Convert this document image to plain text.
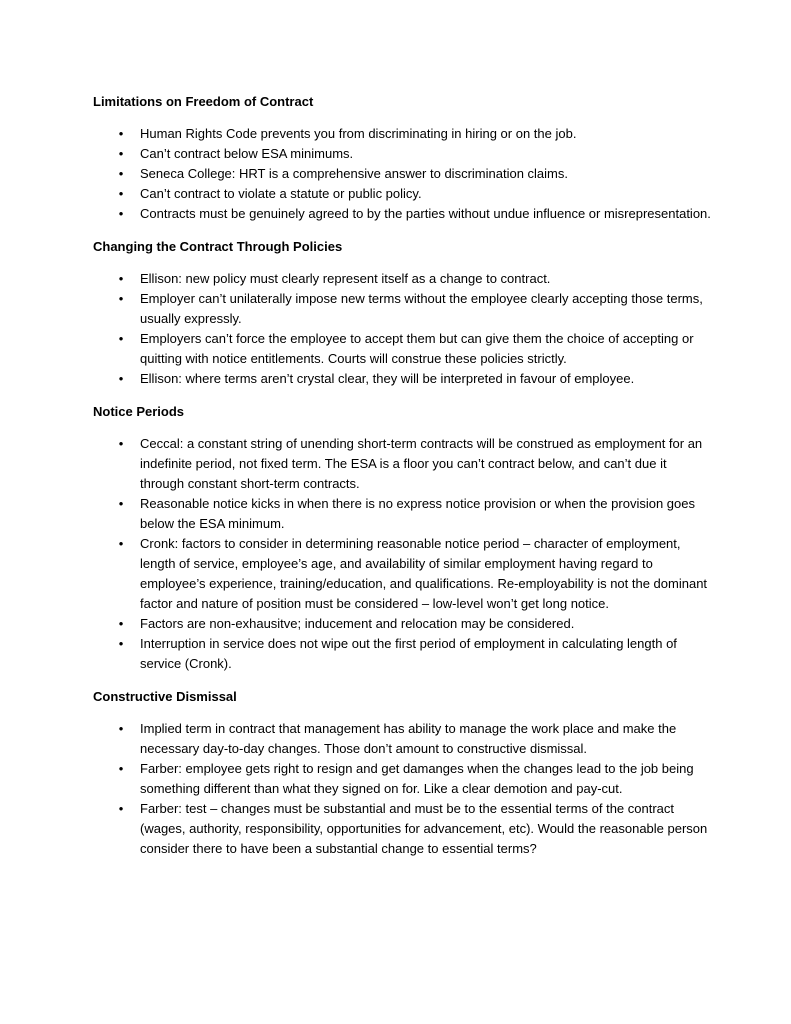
Limitations on Freedom of Contract
• Human Rights Code prevents you from discriminating in hiring or on the job.
• Can’t contract below ESA minimums.
• Seneca College: HRT is a comprehensive answer to discrimination claims.
• Can’t contract to violate a statute or public policy.
• Contracts must be genuinely agreed to by the parties without undue influence or misrepresentation.
Changing the Contract Through Policies
• Ellison: new policy must clearly represent itself as a change to contract.
• Employer can’t unilaterally impose new terms without the employee clearly accepting those terms, usually expressly.
• Employers can’t force the employee to accept them but can give them the choice of accepting or quitting with notice entitlements. Courts will construe these policies strictly.
• Ellison: where terms aren’t crystal clear, they will be interpreted in favour of employee.
Notice Periods
• Ceccal: a constant string of unending short-term contracts will be construed as employment for an indefinite period, not fixed term. The ESA is a floor you can’t contract below, and can’t due it through constant short-term contracts.
• Reasonable notice kicks in when there is no express notice provision or when the provision goes below the ESA minimum.
• Cronk: factors to consider in determining reasonable notice period – character of employment, length of service, employee’s age, and availability of similar employment having regard to employee’s experience, training/education, and qualifications. Re-employability is not the dominant factor and nature of position must be considered – low-level won’t get long notice.
• Factors are non-exhausitve; inducement and relocation may be considered.
• Interruption in service does not wipe out the first period of employment in calculating length of service (Cronk).
Constructive Dismissal
• Implied term in contract that management has ability to manage the work place and make the necessary day-to-day changes. Those don’t amount to constructive dismissal.
• Farber: employee gets right to resign and get damanges when the changes lead to the job being something different than what they signed on for. Like a clear demotion and pay-cut.
• Farber: test – changes must be substantial and must be to the essential terms of the contract (wages, authority, responsibility, opportunities for advancement, etc). Would the reasonable person consider there to have been a substantial change to essential terms?
